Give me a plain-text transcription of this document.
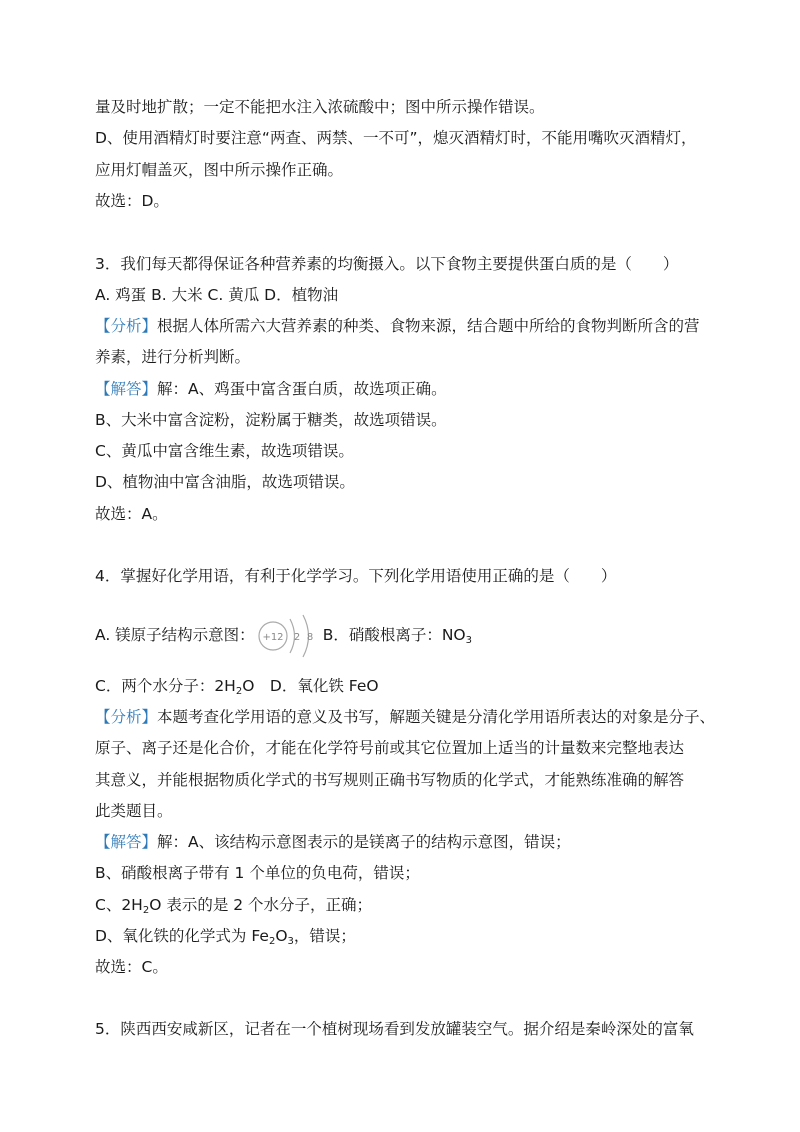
量及时地扩散；一定不能把水注入浓硫酸中；图中所示操作错误。
D、使用酒精灯时要注意“两查、两禁、一不可”，熄灭酒精灯时，不能用嘴吹灭酒精灯，
应用灯帽盖灭，图中所示操作正确。
故选：D。
3．我们每天都得保证各种营养素的均衡摄入。以下食物主要提供蛋白质的是（　　）
A. 鸡蛋 B. 大米 C. 黄瓜 D．植物油
【分析】根据人体所需六大营养素的种类、食物来源，结合题中所给的食物判断所含的营
养素，进行分析判断。
【解答】解：A、鸡蛋中富含蛋白质，故选项正确。
B、大米中富含淀粉，淀粉属于糖类，故选项错误。
C、黄瓜中富含维生素，故选项错误。
D、植物油中富含油脂，故选项错误。
故选：A。
4．掌握好化学用语，有利于化学学习。下列化学用语使用正确的是（　　）
A. 镁原子结构示意图： +12 2 8 B．硝酸根离子：$NO_3$
C．两个水分子：$2H_2O$　D．氧化铁 FeO
【分析】本题考查化学用语的意义及书写，解题关键是分清化学用语所表达的对象是分子、
原子、离子还是化合价，才能在化学符号前或其它位置加上适当的计量数来完整地表达
其意义，并能根据物质化学式的书写规则正确书写物质的化学式，才能熟练准确的解答
此类题目。
【解答】解：A、该结构示意图表示的是镁离子的结构示意图，错误；
B、硝酸根离子带有 1 个单位的负电荷，错误；
C、$2H_2O$ 表示的是 2 个水分子，正确；
D、氧化铁的化学式为 $Fe_2O_3$，错误；
故选：C。
5．陕西西安咸新区，记者在一个植树现场看到发放罐装空气。据介绍是秦岭深处的富氧
